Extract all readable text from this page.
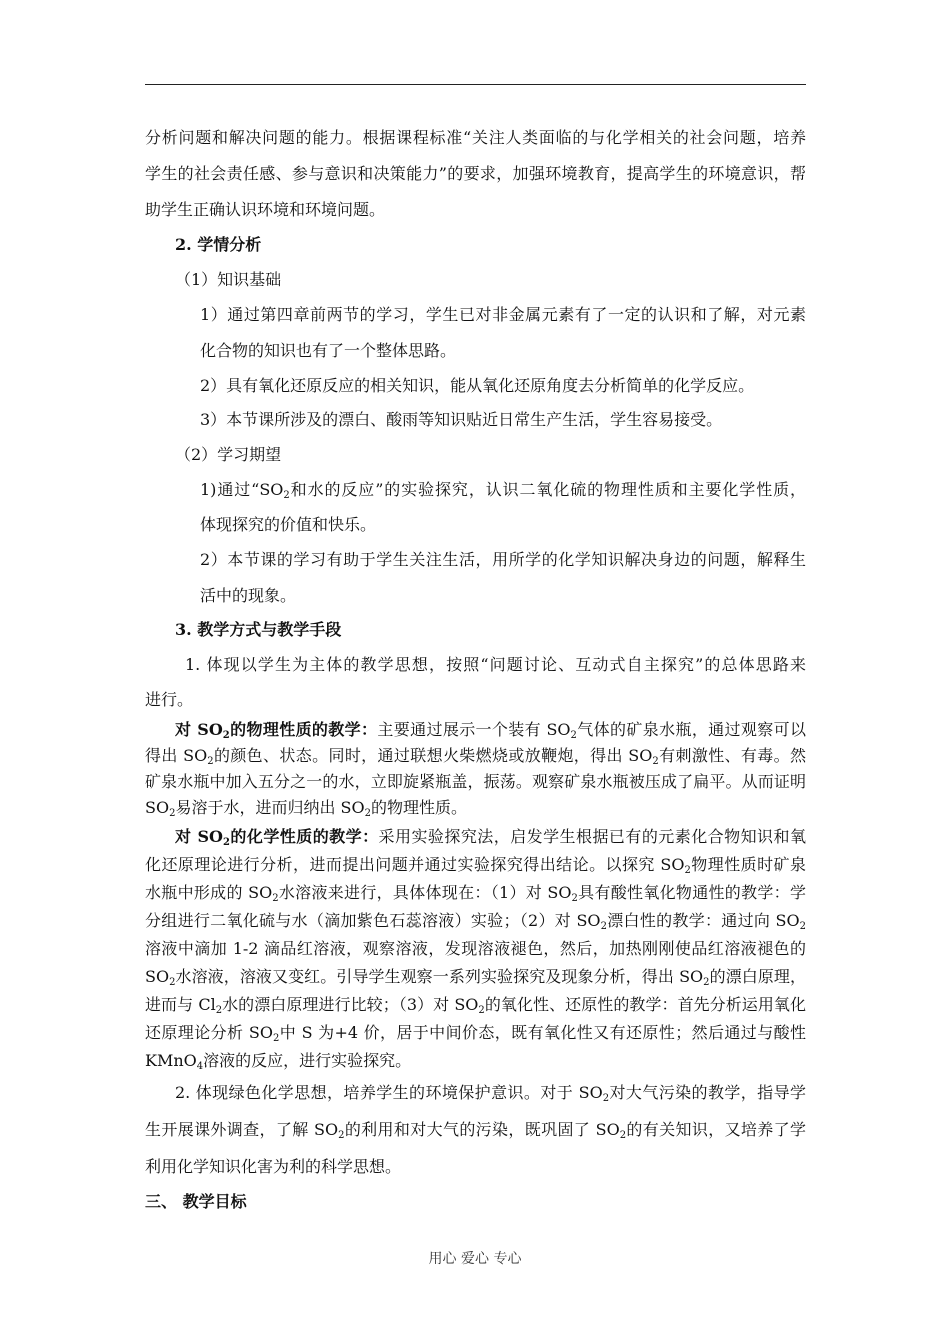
分析问题和解决问题的能力。根据课程标准“关注人类面临的与化学相关的社会问题，培养
学生的社会责任感、参与意识和决策能力”的要求，加强环境教育，提高学生的环境意识，帮
助学生正确认识环境和环境问题。
2. 学情分析
（1）知识基础
1）通过第四章前两节的学习，学生已对非金属元素有了一定的认识和了解，对元素
化合物的知识也有了一个整体思路。
2）具有氧化还原反应的相关知识，能从氧化还原角度去分析简单的化学反应。
3）本节课所涉及的漂白、酸雨等知识贴近日常生产生活，学生容易接受。
（2）学习期望
1)通过“$SO_2$和水的反应”的实验探究，认识二氧化硫的物理性质和主要化学性质，
体现探究的价值和快乐。
2）本节课的学习有助于学生关注生活，用所学的化学知识解决身边的问题，解释生
活中的现象。
3. 教学方式与教学手段
1. 体现以学生为主体的教学思想，按照“问题讨论、互动式自主探究”的总体思路来
进行。
对 $SO_2$的物理性质的教学：主要通过展示一个装有 $SO_2$气体的矿泉水瓶，通过观察可以
得出 $SO_2$的颜色、状态。同时，通过联想火柴燃烧或放鞭炮，得出 $SO_2$有刺激性、有毒。然
矿泉水瓶中加入五分之一的水，立即旋紧瓶盖，振荡。观察矿泉水瓶被压成了扁平。从而证明
$SO_2$易溶于水，进而归纳出 $SO_2$的物理性质。
对 $SO_2$的化学性质的教学：采用实验探究法，启发学生根据已有的元素化合物知识和氧
化还原理论进行分析，进而提出问题并通过实验探究得出结论。以探究 $SO_2$物理性质时矿泉
水瓶中形成的 $SO_2$水溶液来进行，具体体现在：（1）对 $SO_2$具有酸性氧化物通性的教学：学
分组进行二氧化硫与水（滴加紫色石蕊溶液）实验；（2）对 $SO_2$漂白性的教学：通过向 $SO_2$
溶液中滴加 1-2 滴品红溶液，观察溶液，发现溶液褪色，然后，加热刚刚使品红溶液褪色的
$SO_2$水溶液，溶液又变红。引导学生观察一系列实验探究及现象分析，得出 $SO_2$的漂白原理，
进而与 $Cl_2$水的漂白原理进行比较；（3）对 $SO_2$的氧化性、还原性的教学：首先分析运用氧化
还原理论分析 $SO_2$中 S 为+4 价，居于中间价态，既有氧化性又有还原性；然后通过与酸性
KMnO$_4$溶液的反应，进行实验探究。
2. 体现绿色化学思想，培养学生的环境保护意识。对于 $SO_2$对大气污染的教学，指导学
生开展课外调查，了解 $SO_2$的利用和对大气的污染，既巩固了 $SO_2$的有关知识，又培养了学
利用化学知识化害为利的科学思想。
三、 教学目标
用心 爱心 专心
